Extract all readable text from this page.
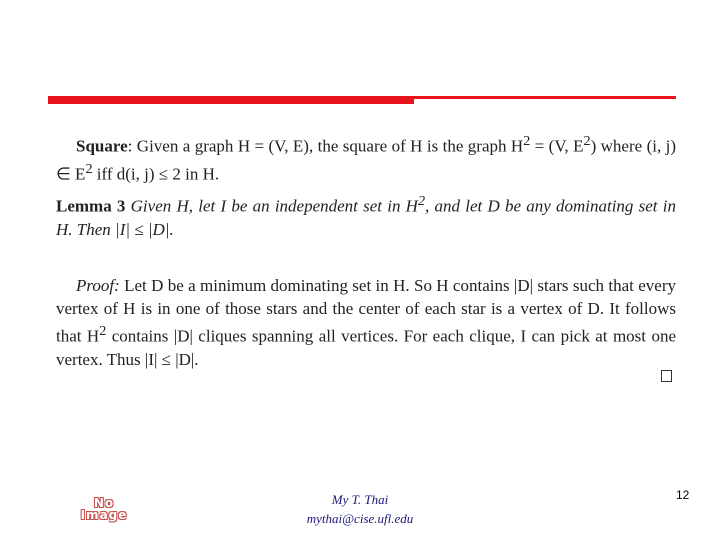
Square: Given a graph H = (V, E), the square of H is the graph $H^2 = (V$, $E^2$) where (i, j) ∈ $E^2$ iff d(i, j) ≤ 2 in H.
Lemma 3 Given H, let I be an independent set in $H^2$, and let D be any dominating set in H. Then |I| ≤ |D|.
Proof: Let D be a minimum dominating set in H. So H contains |D| stars such that every vertex of H is in one of those stars and the center of each star is a vertex of D. It follows that $H^2$ contains |D| cliques spanning all vertices. For each clique, I can pick at most one vertex. Thus |I| ≤ |D|.
No
Image
My T. Thai
mythai@cise.ufl.edu
12
